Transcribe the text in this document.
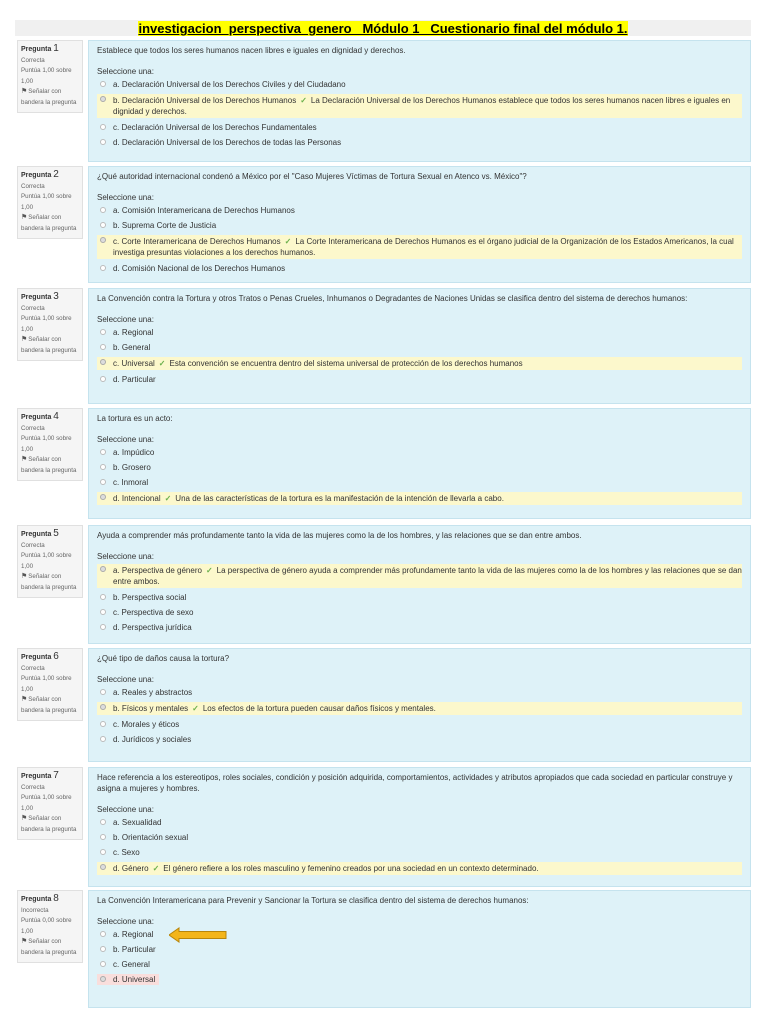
investigacion_perspectiva_genero _Módulo 1 _Cuestionario final del módulo 1.
Pregunta 1
Correcta
Puntúa 1,00 sobre 1,00
⚑Señalar con bandera la pregunta
Establece que todos los seres humanos nacen libres e iguales en dignidad y derechos.
Seleccione una:
a. Declaración Universal de los Derechos Civiles y del Ciudadano
b. Declaración Universal de los Derechos Humanos ✓ La Declaración Universal de los Derechos Humanos establece que todos los seres humanos nacen libres e iguales en dignidad y derechos.
c. Declaración Universal de los Derechos Fundamentales
d. Declaración Universal de los Derechos de todas las Personas
Pregunta 2
Correcta
Puntúa 1,00 sobre 1,00
⚑Señalar con bandera la pregunta
¿Qué autoridad internacional condenó a México por el "Caso Mujeres Víctimas de Tortura Sexual en Atenco vs. México"?
Seleccione una:
a. Comisión Interamericana de Derechos Humanos
b. Suprema Corte de Justicia
c. Corte Interamericana de Derechos Humanos ✓ La Corte Interamericana de Derechos Humanos es el órgano judicial de la Organización de los Estados Americanos, la cual investiga presuntas violaciones a los derechos humanos.
d. Comisión Nacional de los Derechos Humanos
Pregunta 3
Correcta
Puntúa 1,00 sobre 1,00
⚑Señalar con bandera la pregunta
La Convención contra la Tortura y otros Tratos o Penas Crueles, Inhumanos o Degradantes de Naciones Unidas se clasifica dentro del sistema de derechos humanos:
Seleccione una:
a. Regional
b. General
c. Universal ✓ Esta convención se encuentra dentro del sistema universal de protección de los derechos humanos
d. Particular
Pregunta 4
Correcta
Puntúa 1,00 sobre 1,00
⚑Señalar con bandera la pregunta
La tortura es un acto:
Seleccione una:
a. Impúdico
b. Grosero
c. Inmoral
d. Intencional ✓ Una de las características de la tortura es la manifestación de la intención de llevarla a cabo.
Pregunta 5
Correcta
Puntúa 1,00 sobre 1,00
⚑Señalar con bandera la pregunta
Ayuda a comprender más profundamente tanto la vida de las mujeres como la de los hombres, y las relaciones que se dan entre ambos.
Seleccione una:
a. Perspectiva de género ✓ La perspectiva de género ayuda a comprender más profundamente tanto la vida de las mujeres como la de los hombres y las relaciones que se dan entre ambos.
b. Perspectiva social
c. Perspectiva de sexo
d. Perspectiva jurídica
Pregunta 6
Correcta
Puntúa 1,00 sobre 1,00
⚑Señalar con bandera la pregunta
¿Qué tipo de daños causa la tortura?
Seleccione una:
a. Reales y abstractos
b. Físicos y mentales ✓ Los efectos de la tortura pueden causar daños físicos y mentales.
c. Morales y éticos
d. Jurídicos y sociales
Pregunta 7
Correcta
Puntúa 1,00 sobre 1,00
⚑Señalar con bandera la pregunta
Hace referencia a los estereotipos, roles sociales, condición y posición adquirida, comportamientos, actividades y atributos apropiados que cada sociedad en particular construye y asigna a mujeres y hombres.
Seleccione una:
a. Sexualidad
b. Orientación sexual
c. Sexo
d. Género ✓ El género refiere a los roles masculino y femenino creados por una sociedad en un contexto determinado.
Pregunta 8
Incorrecta
Puntúa 0,00 sobre 1,00
⚑Señalar con bandera la pregunta
La Convención Interamericana para Prevenir y Sancionar la Tortura se clasifica dentro del sistema de derechos humanos:
Seleccione una:
a. Regional
b. Particular
c. General
d. Universal
